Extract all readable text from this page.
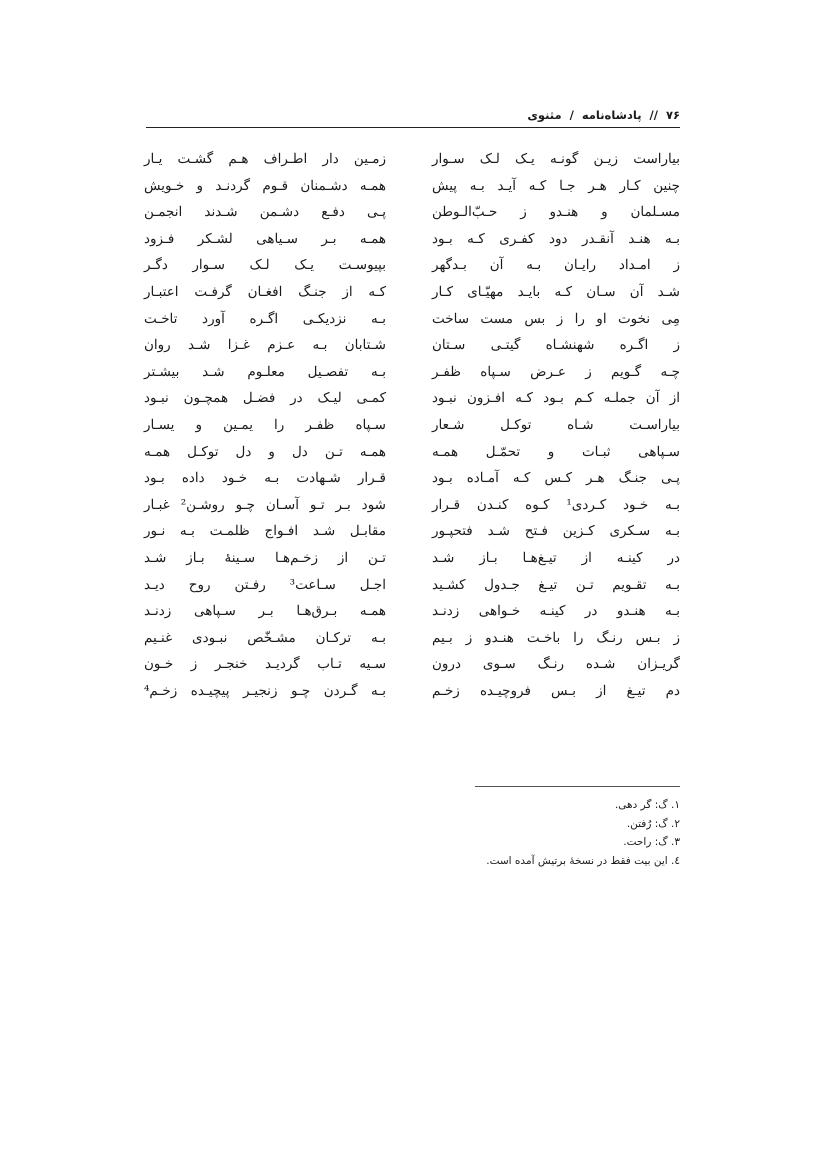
۷۶ // پادشاه‌نامه / مثنوی
بیاراست زیـن گونـه یـک لـک سـوار
چنین کـار هـر جـا کـه آیـد بـه پیش
مسـلمان و هنـدو ز حـبّ‌الـوطن
بـه هنـد آنقـدر دود کفـری کـه بـود
ز امـداد رایـان بـه آن بـدگهر
شـد آن سـان کـه بایـد مهیّـای کـار
مِی نخوت او را ز بس مست ساخت
ز اگـره شهنشـاه گیتـی سـتان
چـه گـویم ز عـرض سـپاه ظفـر
از آن جملـه کـم بـود کـه افـزون نبـود
بیاراسـت شـاه توکـل شـعار
سـپاهی ثبـات و تحمّـل همـه
پـی جنـگ هـر کـس کـه آمـاده بـود
بـه خـود کـردی¹ کـوه کنـدن قـرار
بـه سـکری کـزین فـتح شـد فتحپـور
در کینـه از تیـغ‌هـا بـاز شـد
بـه تقـویم تـن تیـغ جـدول کشـید
بـه هنـدو در کینـه خـواهی زدنـد
ز بـس رنـگ را باخـت هنـدو ز بـیم
گریـزان شـده رنـگ سـوی درون
دم تیـغ از بـس فروچیـده زخـم
زمـین دار اطـراف هـم گشـت یـار
همـه دشـمنان قـوم گردنـد و خـویش
پـی دفـع دشـمن شـدند انجمـن
همـه بـر سـیاهی لشـکر فـزود
بپیوسـت یـک لـک سـوار دگـر
کـه از جنـگ افغـان گرفـت اعتبـار
بـه نزدیکـی اگـره آورد تاخـت
شـتابان بـه عـزم غـزا شـد روان
بـه تفصـیل معلـوم شـد بیشـتر
کمـی لیـک در فضـل همچـون نبـود
سـپاه ظفـر را یمـین و یسـار
همـه تـن دل و دل توکـل همـه
قـرار شـهادت بـه خـود داده بـود
شود بـر تـو آسـان چـو روشـن² غبـار
مقابـل شـد افـواج ظلمـت بـه نـور
تـن از زخـم‌هـا سـینهٔ بـاز شـد
اجـل سـاعت³ رفـتن روح دیـد
همـه بـرق‌هـا بـر سـپاهی زدنـد
بـه ترکـان مشـخّص نبـودی غنـیم
سـیه تـاب گردیـد خنجـر ز خـون
بـه گـردن چـو زنجیـر پیچیـده زخـم⁴
۱. گ: گر دهی.
۲. گ: رُفتن.
۳. گ: راحت.
٤. این بیت فقط در نسخهٔ برتیش آمده است.
